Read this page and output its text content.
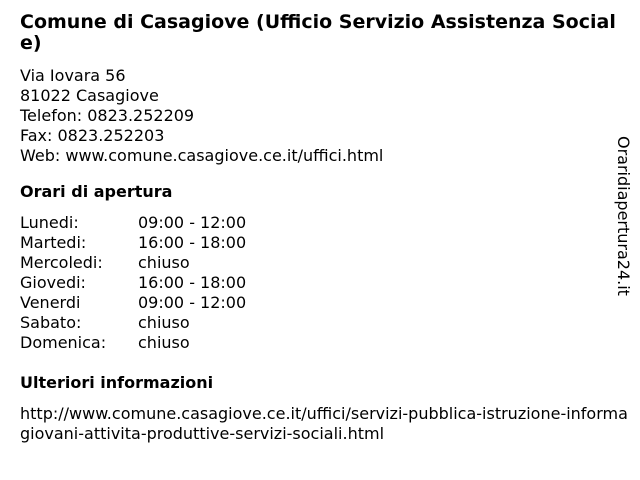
Comune di Casagiove (Ufficio Servizio Assistenza Sociale)
Via Iovara 56
81022 Casagiove
Telefon: 0823.252209
Fax: 0823.252203
Web: www.comune.casagiove.ce.it/uffici.html
Orari di apertura
Lunedi:	09:00 - 12:00
Martedi:	16:00 - 18:00
Mercoledi:	chiuso
Giovedi:	16:00 - 18:00
Venerdi	09:00 - 12:00
Sabato:	chiuso
Domenica:	chiuso
Ulteriori informazioni
http://www.comune.casagiove.ce.it/uffici/servizi-pubblica-istruzione-informagiovani-attivita-produttive-servizi-sociali.html
Oraridiapertura24.it
